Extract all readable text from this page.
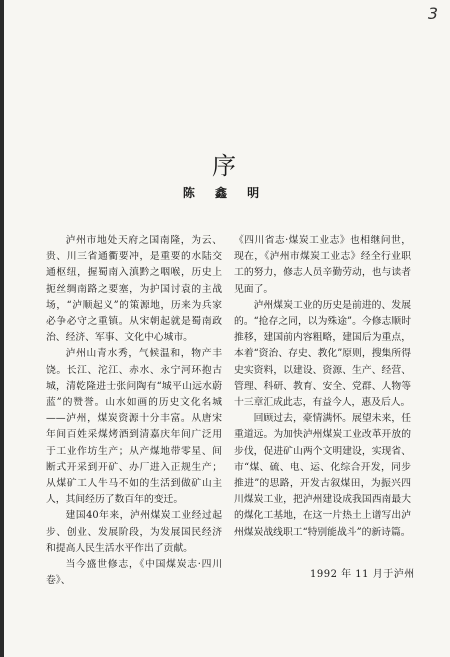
3
序
陈 鑫 明

泸州市地处天府之国南隆，为云、贵、川三省通衢要冲，是重要的水陆交通枢纽，握蜀南入滇黔之咽喉，历史上扼丝绸南路之要塞，为护国讨袁的主战场，“泸顺起义”的策源地，历来为兵家必争必守之重镇。从宋朝起就是蜀南政治、经济、军事、文化中心城市。

泸州山青水秀，气候温和，物产丰饶。长江、沱江、赤水、永宁河环抱古城，清乾隆进士张问陶有“城平山远水蔚蓝”的赞誉。山水如画的历史文化名城——泸州，煤炭资源十分丰富。从唐宋年间百姓采煤烤酒到清嘉庆年间广泛用于工业作坊生产；从产煤地带零星、间断式开采到开矿、办厂进入正规生产；从煤矿工人牛马不如的生活到做矿山主人，其间经历了数百年的变迁。

建国40年来，泸州煤炭工业经过起步、创业、发展阶段，为发展国民经济和提高人民生活水平作出了贡献。

当今盛世修志，《中国煤炭志·四川卷》、

《四川省志·煤炭工业志》也相继问世，现在，《泸州市煤炭工业志》经全行业职工的努力，修志人员辛勤劳动，也与读者见面了。

泸州煤炭工业的历史是前进的、发展的。“抢存之同，以为殊途”。今修志顺时推移，建国前内容粗略，建国后为重点，本着“资治、存史、教化”原则，搜集所得史实资料，以建设、资源、生产、经营、管理、科研、教育、安全、党群、人物等十三章汇成此志，有益今人，惠及后人。

回顾过去，豪情满怀。展望未来，任重道远。为加快泸州煤炭工业改革开放的步伐，促进矿山两个文明建设，实现省、市“煤、硫、电、运、化综合开发，同步推进”的思路，开发古叙煤田，为振兴四川煤炭工业，把泸州建设成我国西南最大的煤化工基地，在这一片热土上谱写出泸州煤炭战线职工“特别能战斗”的新诗篇。

1992 年 11 月于泸州
